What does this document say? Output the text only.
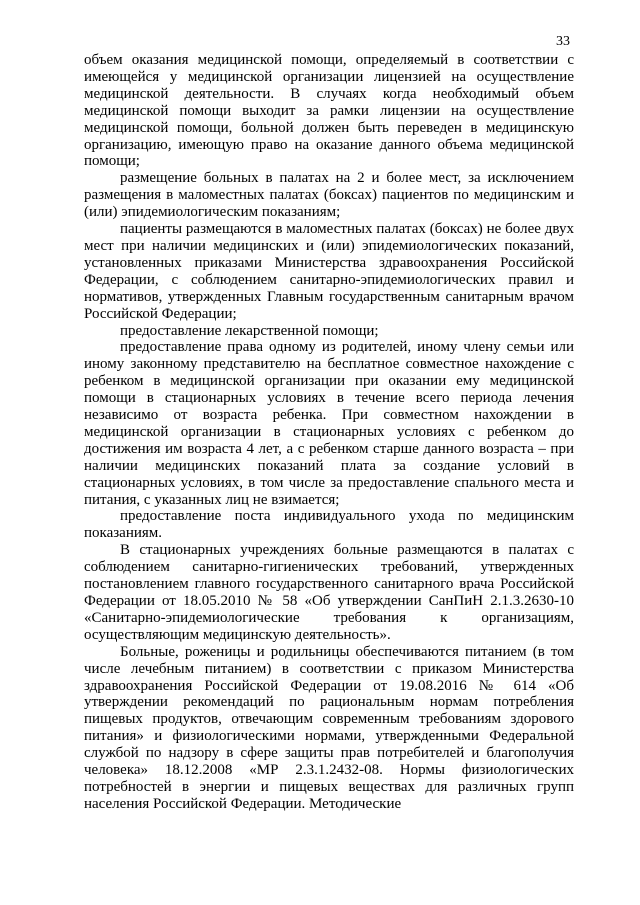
33

объем оказания медицинской помощи, определяемый в соответствии с имеющейся у медицинской организации лицензией на осуществление медицинской деятельности. В случаях когда необходимый объем медицинской помощи выходит за рамки лицензии на осуществление медицинской помощи, больной должен быть переведен в медицинскую организацию, имеющую право на оказание данного объема медицинской помощи;

размещение больных в палатах на 2 и более мест, за исключением размещения в маломестных палатах (боксах) пациентов по медицинским и (или) эпидемиологическим показаниям;

пациенты размещаются в маломестных палатах (боксах) не более двух мест при наличии медицинских и (или) эпидемиологических показаний, установленных приказами Министерства здравоохранения Российской Федерации, с соблюдением санитарно-эпидемиологических правил и нормативов, утвержденных Главным государственным санитарным врачом Российской Федерации;

предоставление лекарственной помощи;

предоставление права одному из родителей, иному члену семьи или иному законному представителю на бесплатное совместное нахождение с ребенком в медицинской организации при оказании ему медицинской помощи в стационарных условиях в течение всего периода лечения независимо от возраста ребенка. При совместном нахождении в медицинской организации в стационарных условиях с ребенком до достижения им возраста 4 лет, а с ребенком старше данного возраста – при наличии медицинских показаний плата за создание условий в стационарных условиях, в том числе за предоставление спального места и питания, с указанных лиц не взимается;

предоставление поста индивидуального ухода по медицинским показаниям.

В стационарных учреждениях больные размещаются в палатах с соблюдением санитарно-гигиенических требований, утвержденных постановлением главного государственного санитарного врача Российской Федерации от 18.05.2010 № 58 «Об утверждении СанПиН 2.1.3.2630-10 «Санитарно-эпидемиологические требования к организациям, осуществляющим медицинскую деятельность».

Больные, роженицы и родильницы обеспечиваются питанием (в том числе лечебным питанием) в соответствии с приказом Министерства здравоохранения Российской Федерации от 19.08.2016 № 614 «Об утверждении рекомендаций по рациональным нормам потребления пищевых продуктов, отвечающим современным требованиям здорового питания» и физиологическими нормами, утвержденными Федеральной службой по надзору в сфере защиты прав потребителей и благополучия человека» 18.12.2008 «МР 2.3.1.2432-08. Нормы физиологических потребностей в энергии и пищевых веществах для различных групп населения Российской Федерации. Методические
